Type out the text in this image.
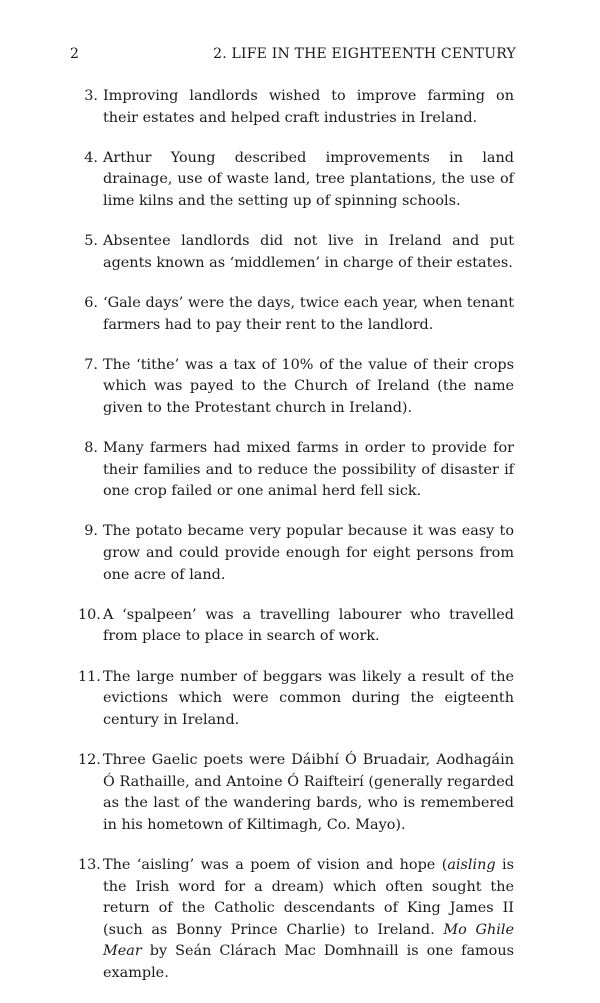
2	2. LIFE IN THE EIGHTEENTH CENTURY
3. Improving landlords wished to improve farming on their estates and helped craft industries in Ireland.
4. Arthur Young described improvements in land drainage, use of waste land, tree plantations, the use of lime kilns and the setting up of spinning schools.
5. Absentee landlords did not live in Ireland and put agents known as ‘middlemen’ in charge of their estates.
6. ‘Gale days’ were the days, twice each year, when tenant farmers had to pay their rent to the landlord.
7. The ‘tithe’ was a tax of 10% of the value of their crops which was payed to the Church of Ireland (the name given to the Protestant church in Ireland).
8. Many farmers had mixed farms in order to provide for their families and to reduce the possibility of disaster if one crop failed or one animal herd fell sick.
9. The potato became very popular because it was easy to grow and could provide enough for eight persons from one acre of land.
10. A ‘spalpeen’ was a travelling labourer who travelled from place to place in search of work.
11. The large number of beggars was likely a result of the evictions which were common during the eigteenth century in Ireland.
12. Three Gaelic poets were Dáibhí Ó Bruadair, Aodhagáin Ó Rathaille, and Antoine Ó Raifteirí (generally regarded as the last of the wandering bards, who is remembered in his hometown of Kiltimagh, Co. Mayo).
13. The ‘aisling’ was a poem of vision and hope (aisling is the Irish word for a dream) which often sought the return of the Catholic descendants of King James II (such as Bonny Prince Charlie) to Ireland. Mo Ghile Mear by Seán Clárach Mac Domhnaill is one famous example.
